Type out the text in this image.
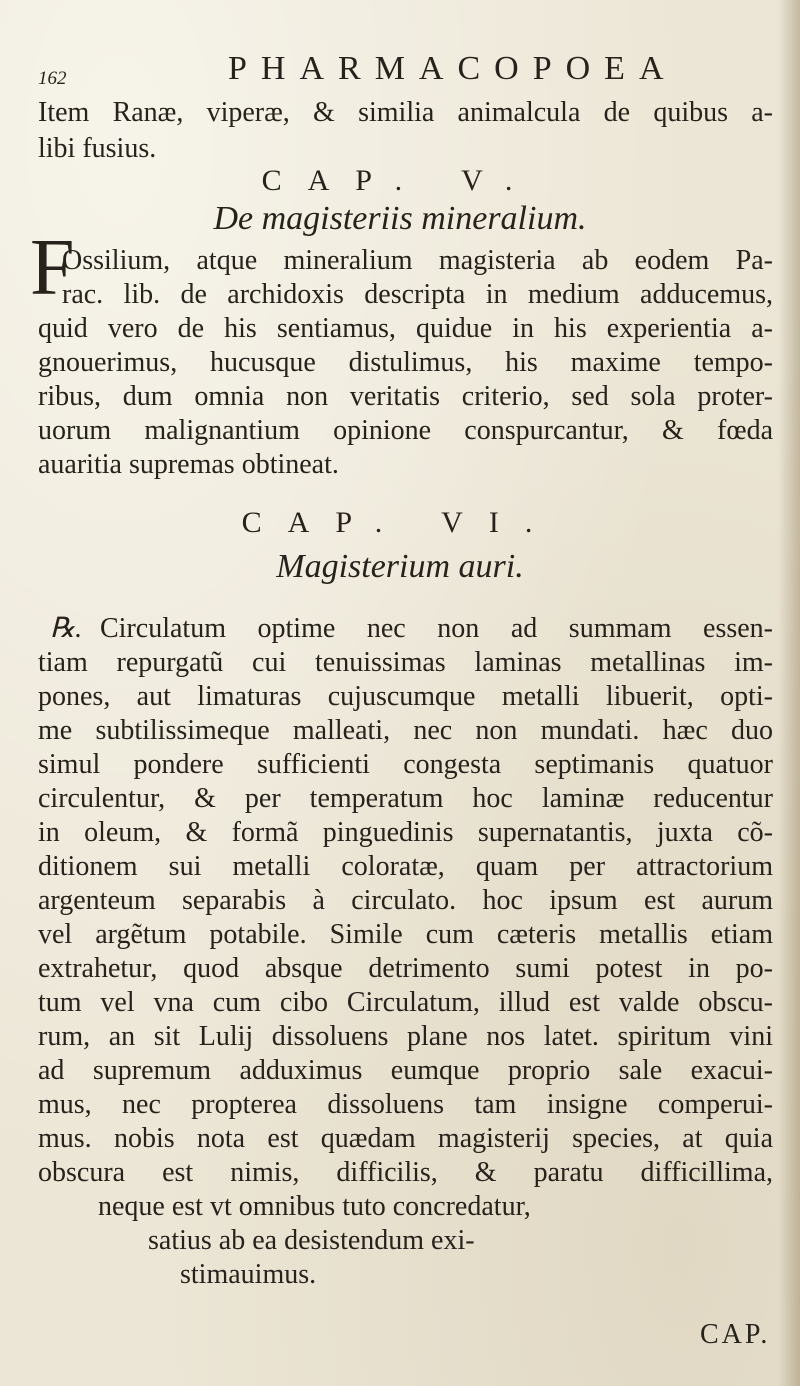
162	PHARMACOPOEA
Item Ranæ, viperæ, & similia animalcula de quibus a-
libi fusius.
CAP. V.
De magisteriis mineralium.
F
Ossilium, atque mineralium magisteria ab eodem Pa-
rac. lib. de archidoxis descripta in medium adducemus,
quid vero de his sentiamus, quidue in his experientia a-
gnouerimus, hucusque distulimus, his maxime tempo-
ribus, dum omnia non veritatis criterio, sed sola proter-
uorum malignantium opinione conspurcantur, & fœda
auaritia supremas obtineat.
CAP. VI.
Magisterium auri.
℞. Circulatum optime nec non ad summam essen-
tiam repurgatũ cui tenuissimas laminas metallinas im-
pones, aut limaturas cujuscumque metalli libuerit, opti-
me subtilissimeque malleati, nec non mundati. hæc duo
simul pondere sufficienti congesta septimanis quatuor
circulentur, & per temperatum hoc laminæ reducentur
in oleum, & formã pinguedinis supernatantis, juxta cõ-
ditionem sui metalli coloratæ, quam per attractorium
argenteum separabis à circulato. hoc ipsum est aurum
vel argẽtum potabile. Simile cum cæteris metallis etiam
extrahetur, quod absque detrimento sumi potest in po-
tum vel vna cum cibo Circulatum, illud est valde obscu-
rum, an sit Lulij dissoluens plane nos latet. spiritum vini
ad supremum adduximus eumque proprio sale exacui-
mus, nec propterea dissoluens tam insigne comperui-
mus. nobis nota est quædam magisterij species, at quia
obscura est nimis, difficilis, & paratu difficillima,
neque est vt omnibus tuto concredatur,
satius ab ea desistendum exi-
stimauimus.
CAP.
